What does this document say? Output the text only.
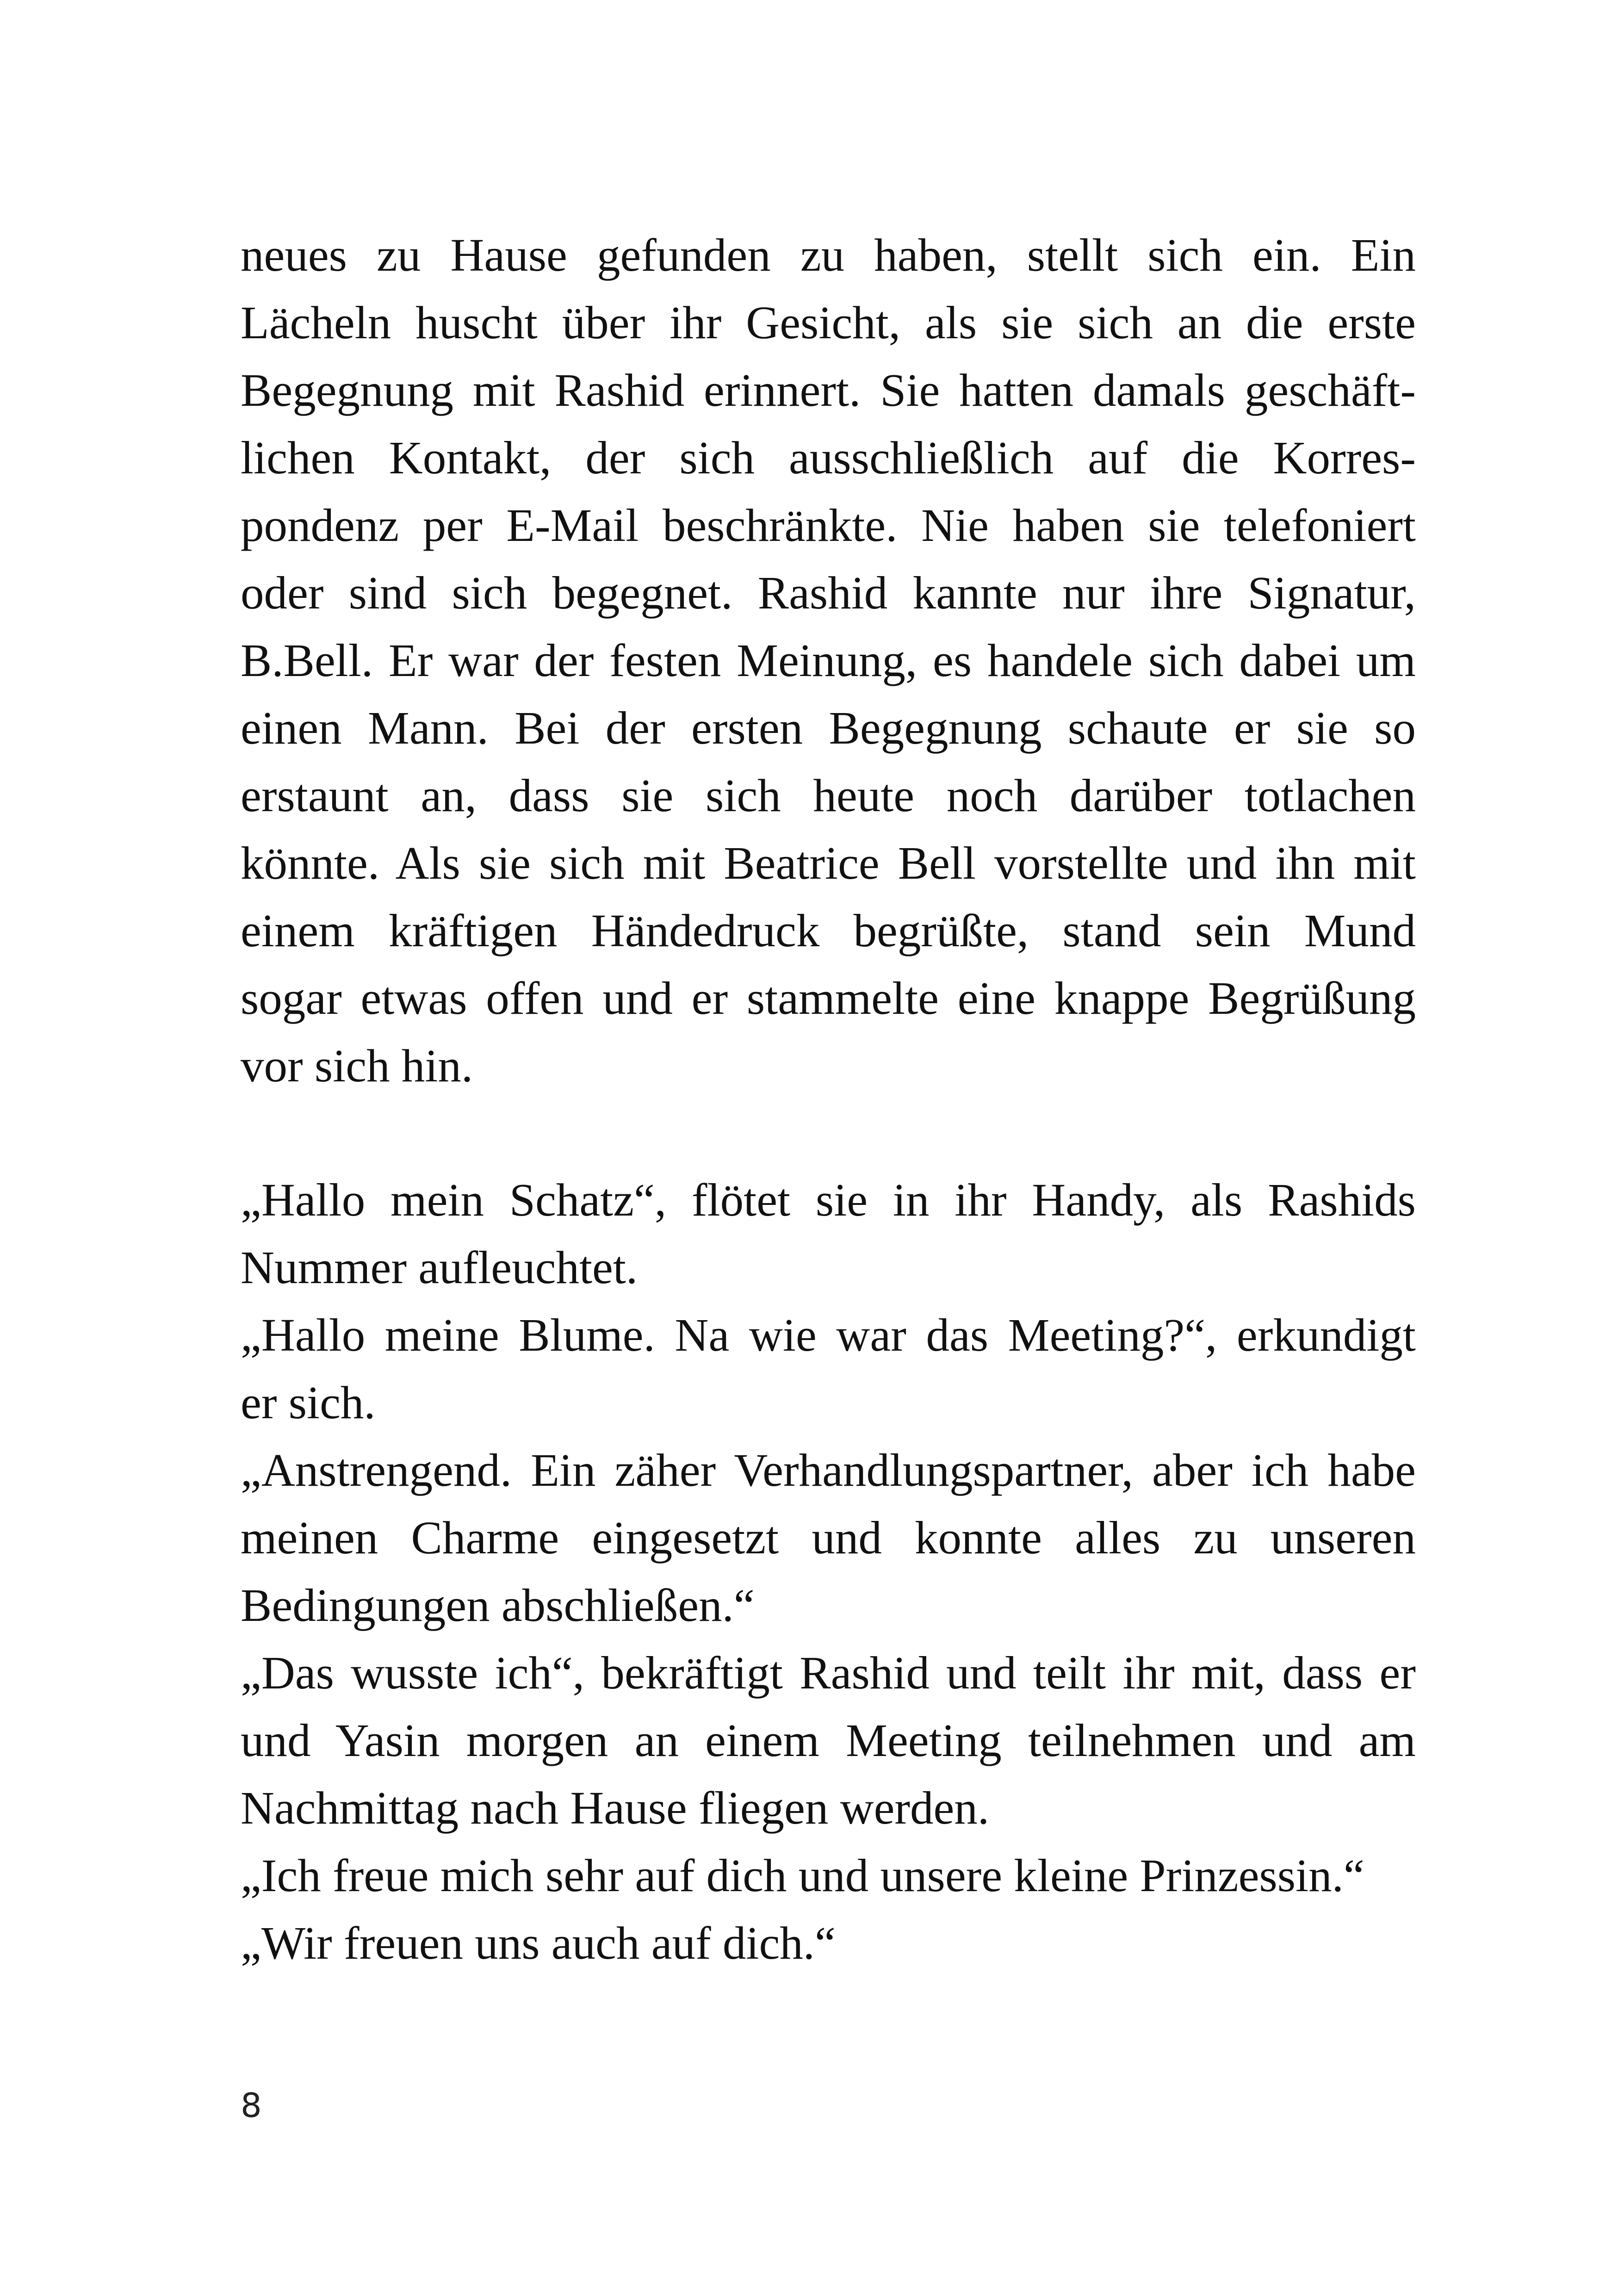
neues zu Hause gefunden zu haben, stellt sich ein. Ein
Lächeln huscht über ihr Gesicht, als sie sich an die erste
Begegnung mit Rashid erinnert. Sie hatten damals geschäft-
lichen Kontakt, der sich ausschließlich auf die Korres-
pondenz per E-Mail beschränkte. Nie haben sie telefoniert
oder sind sich begegnet. Rashid kannte nur ihre Signatur,
B.Bell. Er war der festen Meinung, es handele sich dabei um
einen Mann. Bei der ersten Begegnung schaute er sie so
erstaunt an, dass sie sich heute noch darüber totlachen
könnte. Als sie sich mit Beatrice Bell vorstellte und ihn mit
einem kräftigen Händedruck begrüßte, stand sein Mund
sogar etwas offen und er stammelte eine knappe Begrüßung
vor sich hin.
„Hallo mein Schatz“, flötet sie in ihr Handy, als Rashids
Nummer aufleuchtet.
„Hallo meine Blume. Na wie war das Meeting?“, erkundigt
er sich.
„Anstrengend. Ein zäher Verhandlungspartner, aber ich habe
meinen Charme eingesetzt und konnte alles zu unseren
Bedingungen abschließen.“
„Das wusste ich“, bekräftigt Rashid und teilt ihr mit, dass er
und Yasin morgen an einem Meeting teilnehmen und am
Nachmittag nach Hause fliegen werden.
„Ich freue mich sehr auf dich und unsere kleine Prinzessin.“
„Wir freuen uns auch auf dich.“
8
